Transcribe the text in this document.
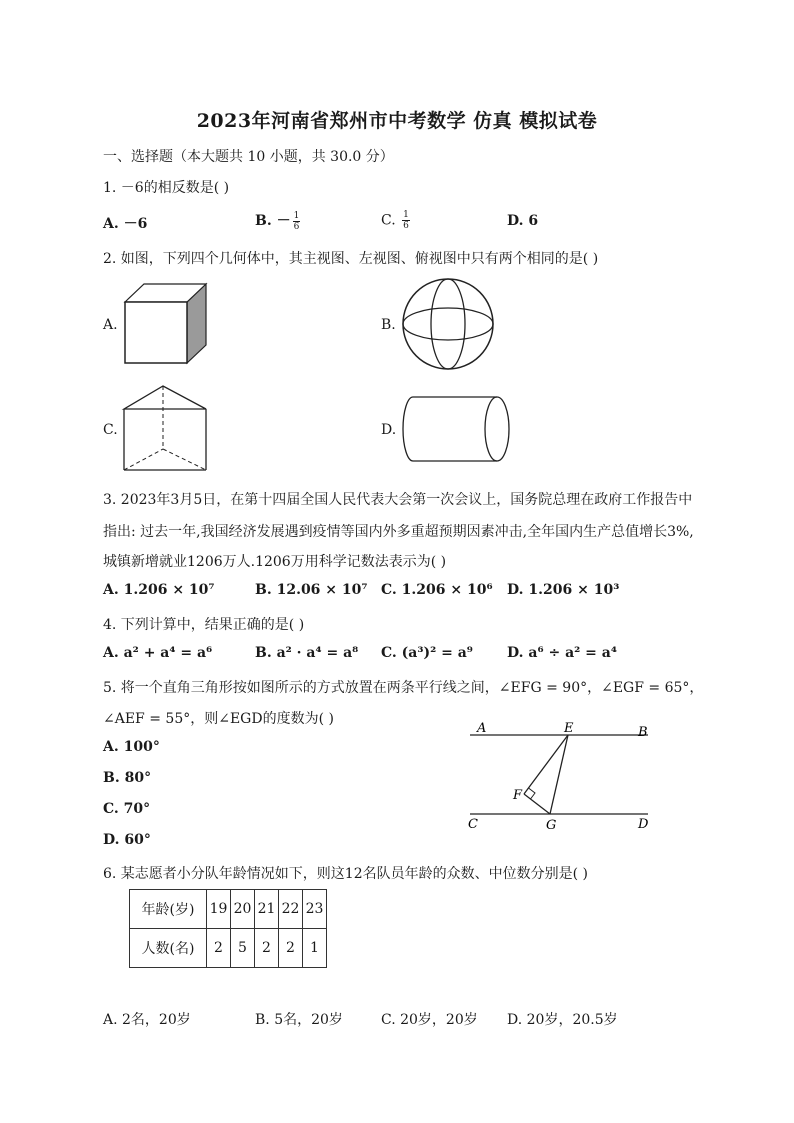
2023年河南省郑州市中考数学 仿真 模拟试卷
一、选择题（本大题共 10 小题，共 30.0 分）
1. －6的相反数是( )
A. －6	B. － $\frac{1}{6}$	C. $\frac{1}{6}$	D. 6
2. 如图，下列四个几何体中，其主视图、左视图、俯视图中只有两个相同的是( )
A.	B.
C.	D.
3. 2023年3月5日，在第十四届全国人民代表大会第一次会议上，国务院总理在政府工作报告中
指出: 过去一年,我国经济发展遇到疫情等国内外多重超预期因素冲击,全年国内生产总值增长3%,
城镇新增就业1206万人.1206万用科学记数法表示为( )
A. 1.206 × 10⁷	B. 12.06 × 10⁷ C. 1.206 × 10⁶ D. 1.206 × 10³
4. 下列计算中，结果正确的是( )
A. a² + a⁴ = a⁶	B. a² · a⁴ = a⁸ C. (a³)² = a⁹ D. a⁶ ÷ a² = a⁴
5. 将一个直角三角形按如图所示的方式放置在两条平行线之间，∠EFG = 90°，∠EGF = 65°，
∠AEF = 55°，则∠EGD的度数为( )
A. 100°
B. 80°
C. 70°
D. 60°
A	B
E
F
C	G	D
6. 某志愿者小分队年龄情况如下，则这12名队员年龄的众数、中位数分别是( )
年龄(岁)	19	20	21	22	23
人数(名)	2	5	2	2	1
A. 2名，20岁	B. 5名，20岁	C. 20岁，20岁 D. 20岁，20.5岁
